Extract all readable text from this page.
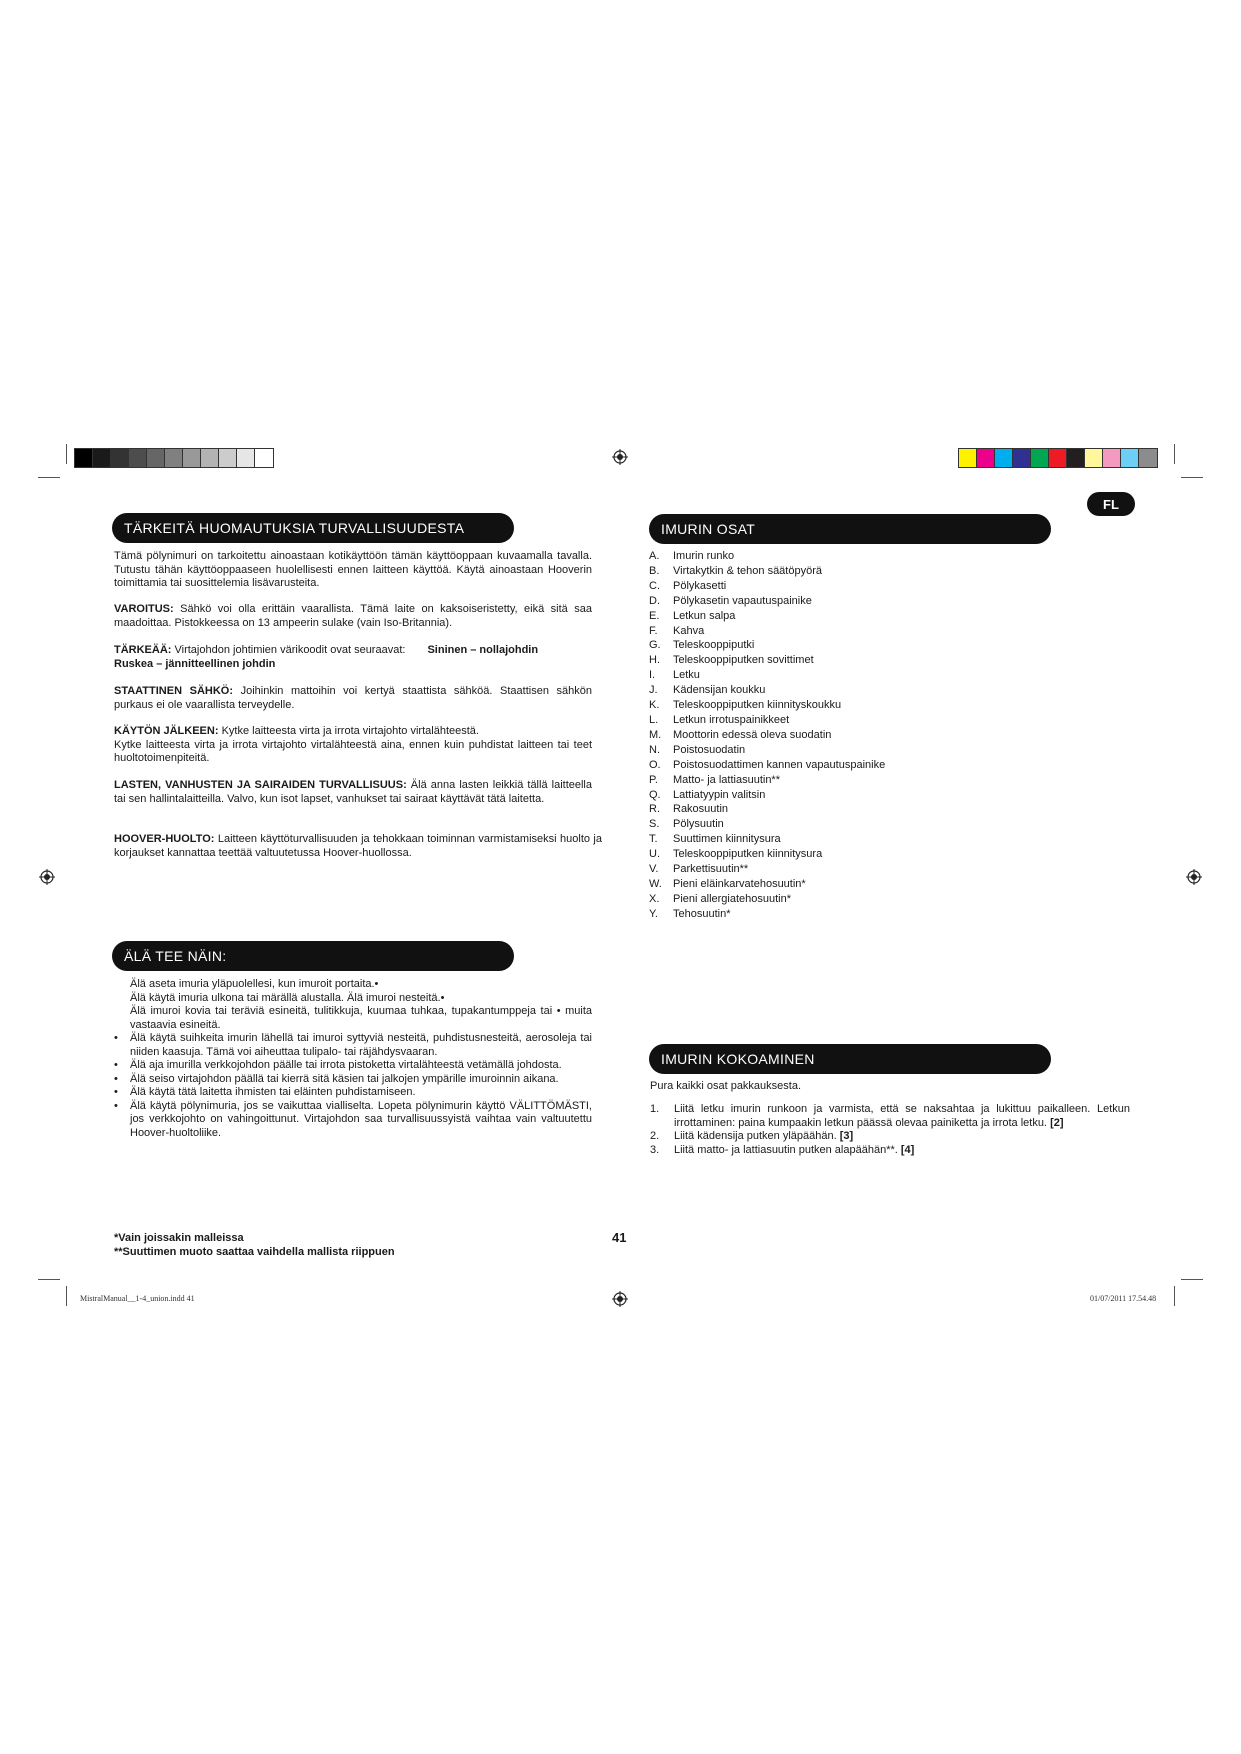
FL
TÄRKEITÄ HUOMAUTUKSIA TURVALLISUUDESTA
Tämä pölynimuri on tarkoitettu ainoastaan kotikäyttöön tämän käyttöoppaan kuvaamalla tavalla. Tutustu tähän käyttöoppaaseen huolellisesti ennen laitteen käyttöä. Käytä ainoastaan Hooverin toimittamia tai suosittelemia lisävarusteita.
VAROITUS: Sähkö voi olla erittäin vaarallista. Tämä laite on kaksoiseristetty, eikä sitä saa maadoittaa. Pistokkeessa on 13 ampeerin sulake (vain Iso-Britannia).
TÄRKEÄÄ: Virtajohdon johtimien värikoodit ovat seuraavat: Sininen – nollajohdin
Ruskea – jännitteellinen johdin
STAATTINEN SÄHKÖ: Joihinkin mattoihin voi kertyä staattista sähköä. Staattisen sähkön purkaus ei ole vaarallista terveydelle.
KÄYTÖN JÄLKEEN: Kytke laitteesta virta ja irrota virtajohto virtalähteestä.
Kytke laitteesta virta ja irrota virtajohto virtalähteestä aina, ennen kuin puhdistat laitteen tai teet huoltotoimenpiteitä.
LASTEN, VANHUSTEN JA SAIRAIDEN TURVALLISUUS: Älä anna lasten leikkiä tällä laitteella tai sen hallintalaitteilla. Valvo, kun isot lapset, vanhukset tai sairaat käyttävät tätä laitetta.
HOOVER-HUOLTO: Laitteen käyttöturvallisuuden ja tehokkaan toiminnan varmistamiseksi huolto ja korjaukset kannattaa teettää valtuutetussa Hoover-huollossa.
ÄLÄ TEE NÄIN:
Älä aseta imuria yläpuolellesi, kun imuroit portaita.•
Älä käytä imuria ulkona tai märällä alustalla. Älä imuroi nesteitä.•
Älä imuroi kovia tai teräviä esineitä, tulitikkuja, kuumaa tuhkaa, tupakantumppeja tai • muita vastaavia esineitä.
• Älä käytä suihkeita imurin lähellä tai imuroi syttyviä nesteitä, puhdistusnesteitä, aerosoleja tai niiden kaasuja. Tämä voi aiheuttaa tulipalo- tai räjähdysvaaran.
• Älä aja imurilla verkkojohdon päälle tai irrota pistoketta virtalähteestä vetämällä johdosta.
• Älä seiso virtajohdon päällä tai kierrä sitä käsien tai jalkojen ympärille imuroinnin aikana.
• Älä käytä tätä laitetta ihmisten tai eläinten puhdistamiseen.
• Älä käytä pölynimuria, jos se vaikuttaa vialliselta. Lopeta pölynimurin käyttö VÄLITTÖMÄSTI, jos verkkojohto on vahingoittunut. Virtajohdon saa turvallisuussyistä vaihtaa vain valtuutettu Hoover-huoltoliike.
IMURIN OSAT
A.	Imurin runko
B.	Virtakytkin & tehon säätöpyörä
C.	Pölykasetti
D.	Pölykasetin vapautuspainike
E.	Letkun salpa
F.	Kahva
G.	Teleskooppiputki
H.	Teleskooppiputken sovittimet
I.	Letku
J.	Kädensijan koukku
K.	Teleskooppiputken kiinnityskoukku
L.	Letkun irrotuspainikkeet
M.	Moottorin edessä oleva suodatin
N.	Poistosuodatin
O.	Poistosuodattimen kannen vapautuspainike
P.	Matto- ja lattiasuutin**
Q.	Lattiatyypin valitsin
R.	Rakosuutin
S.	Pölysuutin
T.	Suuttimen kiinnitysura
U.	Teleskooppiputken kiinnitysura
V.	Parkettisuutin**
W.	Pieni eläinkarvatehosuutin*
X.	Pieni allergiatehosuutin*
Y.	Tehosuutin*
IMURIN KOKOAMINEN
Pura kaikki osat pakkauksesta.
1.	Liitä letku imurin runkoon ja varmista, että se naksahtaa ja lukittuu paikalleen. Letkun irrottaminen: paina kumpaakin letkun päässä olevaa painiketta ja irrota letku. [2]
2.	Liitä kädensija putken yläpäähän. [3]
3.	Liitä matto- ja lattiasuutin putken alapäähän**. [4]
*Vain joissakin malleissa
**Suuttimen muoto saattaa vaihdella mallista riippuen
41
MistralManual__1-4_union.indd 41	01/07/2011 17.54.48
